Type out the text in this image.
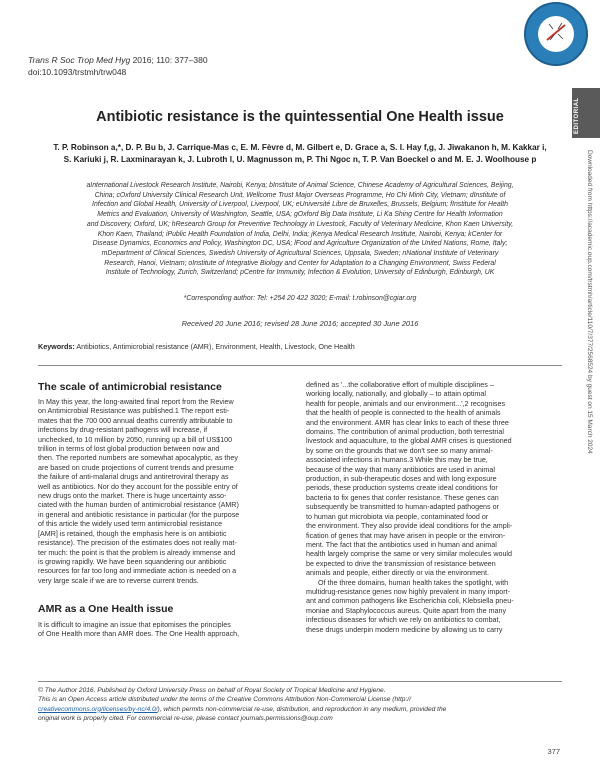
Trans R Soc Trop Med Hyg 2016; 110: 377–380
doi:10.1093/trstmh/trw048
EDITORIAL
Downloaded from https://academic.oup.com/trstmh/article/110/7/377/2568524 by guest on 15 March 2024
Antibiotic resistance is the quintessential One Health issue
T. P. Robinson a,*, D. P. Bu b, J. Carrique-Mas c, E. M. Fèvre d, M. Gilbert e, D. Grace a, S. I. Hay f,g, J. Jiwakanon h, M. Kakkar i,
S. Kariuki j, R. Laxminarayan k, J. Lubroth l, U. Magnusson m, P. Thi Ngoc n, T. P. Van Boeckel o and M. E. J. Woolhouse p
aInternational Livestock Research Institute, Nairobi, Kenya; bInstitute of Animal Science, Chinese Academy of Agricultural Sciences, Beijing,
China; cOxford University Clinical Research Unit, Wellcome Trust Major Overseas Programme, Ho Chi Minh City, Vietnam; dInstitute of
Infection and Global Health, University of Liverpool, Liverpool, UK; eUniversité Libre de Bruxelles, Brussels, Belgium; fInstitute for Health
Metrics and Evaluation, University of Washington, Seattle, USA; gOxford Big Data Institute, Li Ka Shing Centre for Health Information
and Discovery, Oxford, UK; hResearch Group for Preventive Technology in Livestock, Faculty of Veterinary Medicine, Khon Kaen University,
Khon Kaen, Thailand; iPublic Health Foundation of India, Delhi, India; jKenya Medical Research Institute, Nairobi, Kenya; kCenter for
Disease Dynamics, Economics and Policy, Washington DC, USA; lFood and Agriculture Organization of the United Nations, Rome, Italy;
mDepartment of Clinical Sciences, Swedish University of Agricultural Sciences, Uppsala, Sweden; nNational Institute of Veterinary
Research, Hanoi, Vietnam; oInstitute of Integrative Biology and Center for Adaptation to a Changing Environment, Swiss Federal
Institute of Technology, Zurich, Switzerland; pCentre for Immunity, Infection & Evolution, University of Edinburgh, Edinburgh, UK
*Corresponding author: Tel: +254 20 422 3020; E-mail: t.robinson@cgiar.org
Received 20 June 2016; revised 28 June 2016; accepted 30 June 2016
Keywords: Antibiotics, Antimicrobial resistance (AMR), Environment, Health, Livestock, One Health
The scale of antimicrobial resistance
In May this year, the long-awaited final report from the Review
on Antimicrobial Resistance was published.1 The report esti-
mates that the 700 000 annual deaths currently attributable to
infections by drug-resistant pathogens will increase, if
unchecked, to 10 million by 2050, running up a bill of US$100
trillion in terms of lost global production between now and
then. The reported numbers are somewhat apocalyptic, as they
are based on crude projections of current trends and presume
the failure of anti-malarial drugs and antiretroviral therapy as
well as antibiotics. Nor do they account for the possible entry of
new drugs onto the market. There is huge uncertainty asso-
ciated with the human burden of antimicrobial resistance (AMR)
in general and antibiotic resistance in particular (for the purpose
of this article the widely used term antimicrobial resistance
[AMR] is retained, though the emphasis here is on antibiotic
resistance). The precision of the estimates does not really mat-
ter much: the point is that the problem is already immense and
is growing rapidly. We have been squandering our antibiotic
resources for far too long and immediate action is needed on a
very large scale if we are to reverse current trends.
AMR as a One Health issue
It is difficult to imagine an issue that epitomises the principles
of One Health more than AMR does. The One Health approach,
defined as '...the collaborative effort of multiple disciplines –
working locally, nationally, and globally – to attain optimal
health for people, animals and our environment...',2 recognises
that the health of people is connected to the health of animals
and the environment. AMR has clear links to each of these three
domains. The contribution of animal production, both terrestrial
livestock and aquaculture, to the global AMR crises is questioned
by some on the grounds that we don't see so many animal-
associated infections in humans.3 While this may be true,
because of the way that many antibiotics are used in animal
production, in sub-therapeutic doses and with long exposure
periods, these production systems create ideal conditions for
bacteria to fix genes that confer resistance. These genes can
subsequently be transmitted to human-adapted pathogens or
to human gut microbiota via people, contaminated food or
the environment. They also provide ideal conditions for the ampli-
fication of genes that may have arisen in people or the environ-
ment. The fact that the antibiotics used in human and animal
health largely comprise the same or very similar molecules would
be expected to drive the transmission of resistance between
animals and people, either directly or via the environment.
Of the three domains, human health takes the spotlight, with
multidrug-resistance genes now highly prevalent in many import-
ant and common pathogens like Escherichia coli, Klebsiella pneu-
moniae and Staphylococcus aureus. Quite apart from the many
infectious diseases for which we rely on antibiotics to combat,
these drugs underpin modern medicine by allowing us to carry
© The Author 2016. Published by Oxford University Press on behalf of Royal Society of Tropical Medicine and Hygiene.
This is an Open Access article distributed under the terms of the Creative Commons Attribution Non-Commercial License (http://
creativecommons.org/licenses/by-nc/4.0/), which permits non-commercial re-use, distribution, and reproduction in any medium, provided the
original work is properly cited. For commercial re-use, please contact journals.permissions@oup.com
377
